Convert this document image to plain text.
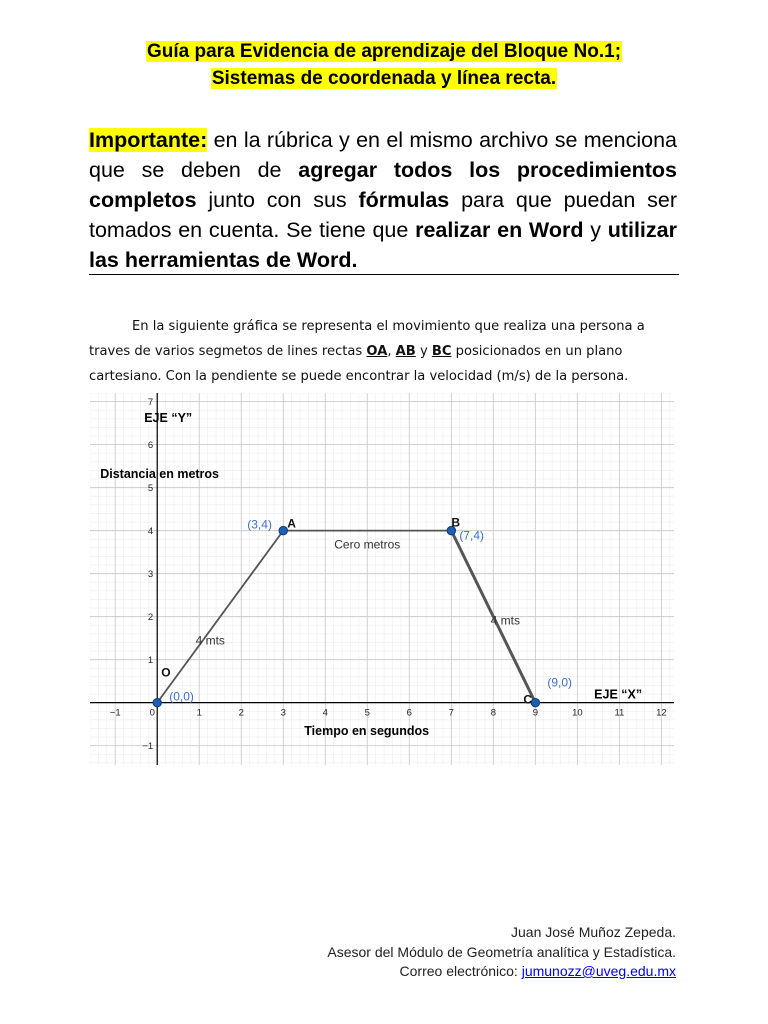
Guía para Evidencia de aprendizaje del Bloque No.1;
Sistemas de coordenada y línea recta.
Importante: en la rúbrica y en el mismo archivo se menciona que se deben de agregar todos los procedimientos completos junto con sus fórmulas para que puedan ser tomados en cuenta. Se tiene que realizar en Word y utilizar las herramientas de Word.
En la siguiente gráfica se representa el movimiento que realiza una persona a traves de varios segmetos de lines rectas OA, AB y BC posicionados en un plano cartesiano. Con la pendiente se puede encontrar la velocidad (m/s) de la persona.
−1	0	1	2	3	4	5	6	7	8	9	10	11	12
−1
1
2
3
4
5
6
7
4 mts
Cero metros
4 mts
O
(0,0)
A
(3,4)	B
(7,4)
C
(9,0)
EJE “Y”
Distancia en metros
EJE “X”
Tiempo en segundos
Juan José Muñoz Zepeda.
Asesor del Módulo de Geometría analítica y Estadística.
Correo electrónico: jumunozz@uveg.edu.mx
